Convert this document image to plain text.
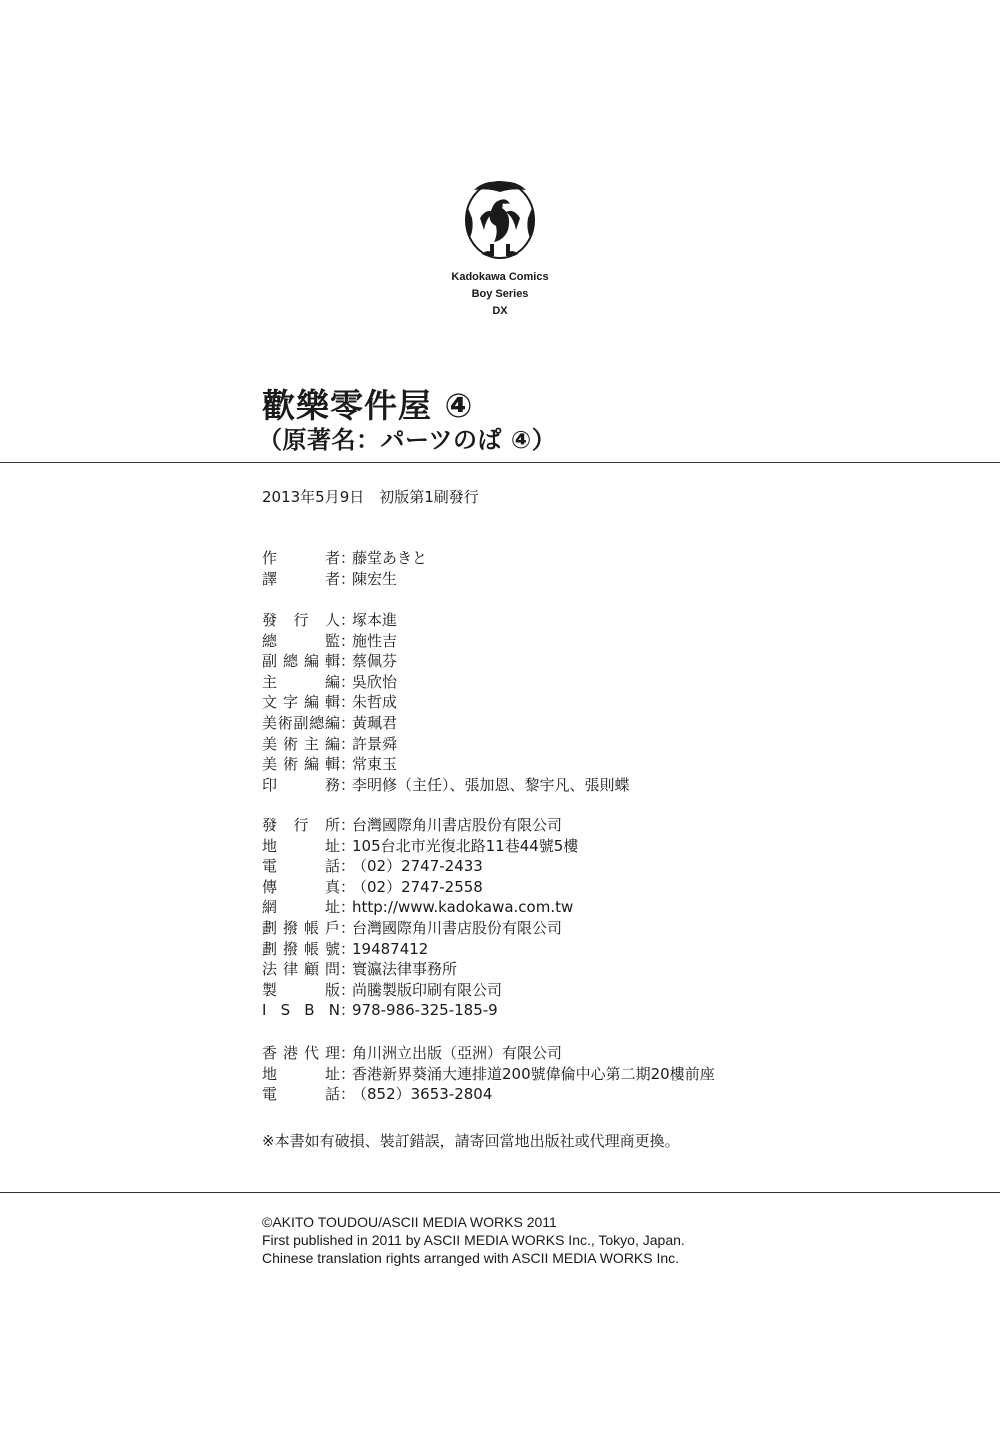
Kadokawa Comics
Boy Series
DX
歡樂零件屋 ④
（原著名：パーツのぱ ④）
2013年5月9日　初版第1刷發行
作	者 ：
藤堂あきと
譯	者 ：
陳宏生
發 行 人 ：
塚本進
總	監 ：
施性吉
副 總 編 輯 ：
蔡佩芬
主	編 ：
吳欣怡
文 字 編 輯 ：
朱哲成
美 術 副 總 編 ：
黃珮君
美 術 主 編 ：
許景舜
美 術 編 輯 ：
常東玉
印	務 ：
李明修（主任）、張加恩、黎宇凡、張則蝶
發 行 所 ：
台灣國際角川書店股份有限公司
地	址 ：
105台北市光復北路11巷44號5樓
電	話 ：
（02）2747-2433
傳	真 ：
（02）2747-2558
網	址 ：
http://www.kadokawa.com.tw
劃 撥 帳 戶 ：
台灣國際角川書店股份有限公司
劃 撥 帳 號 ：
19487412
法 律 顧 問 ：
寰瀛法律事務所
製	版 ：
尚騰製版印刷有限公司
I S B N ：
978-986-325-185-9
香 港 代 理 ：
角川洲立出版（亞洲）有限公司
地	址 ：
香港新界葵涌大連排道200號偉倫中心第二期20樓前座
電	話 ：
（852）3653-2804
※本書如有破損、裝訂錯誤，請寄回當地出版社或代理商更換。
©AKITO TOUDOU/ASCII MEDIA WORKS 2011
First published in 2011 by ASCII MEDIA WORKS Inc., Tokyo, Japan.
Chinese translation rights arranged with ASCII MEDIA WORKS Inc.
